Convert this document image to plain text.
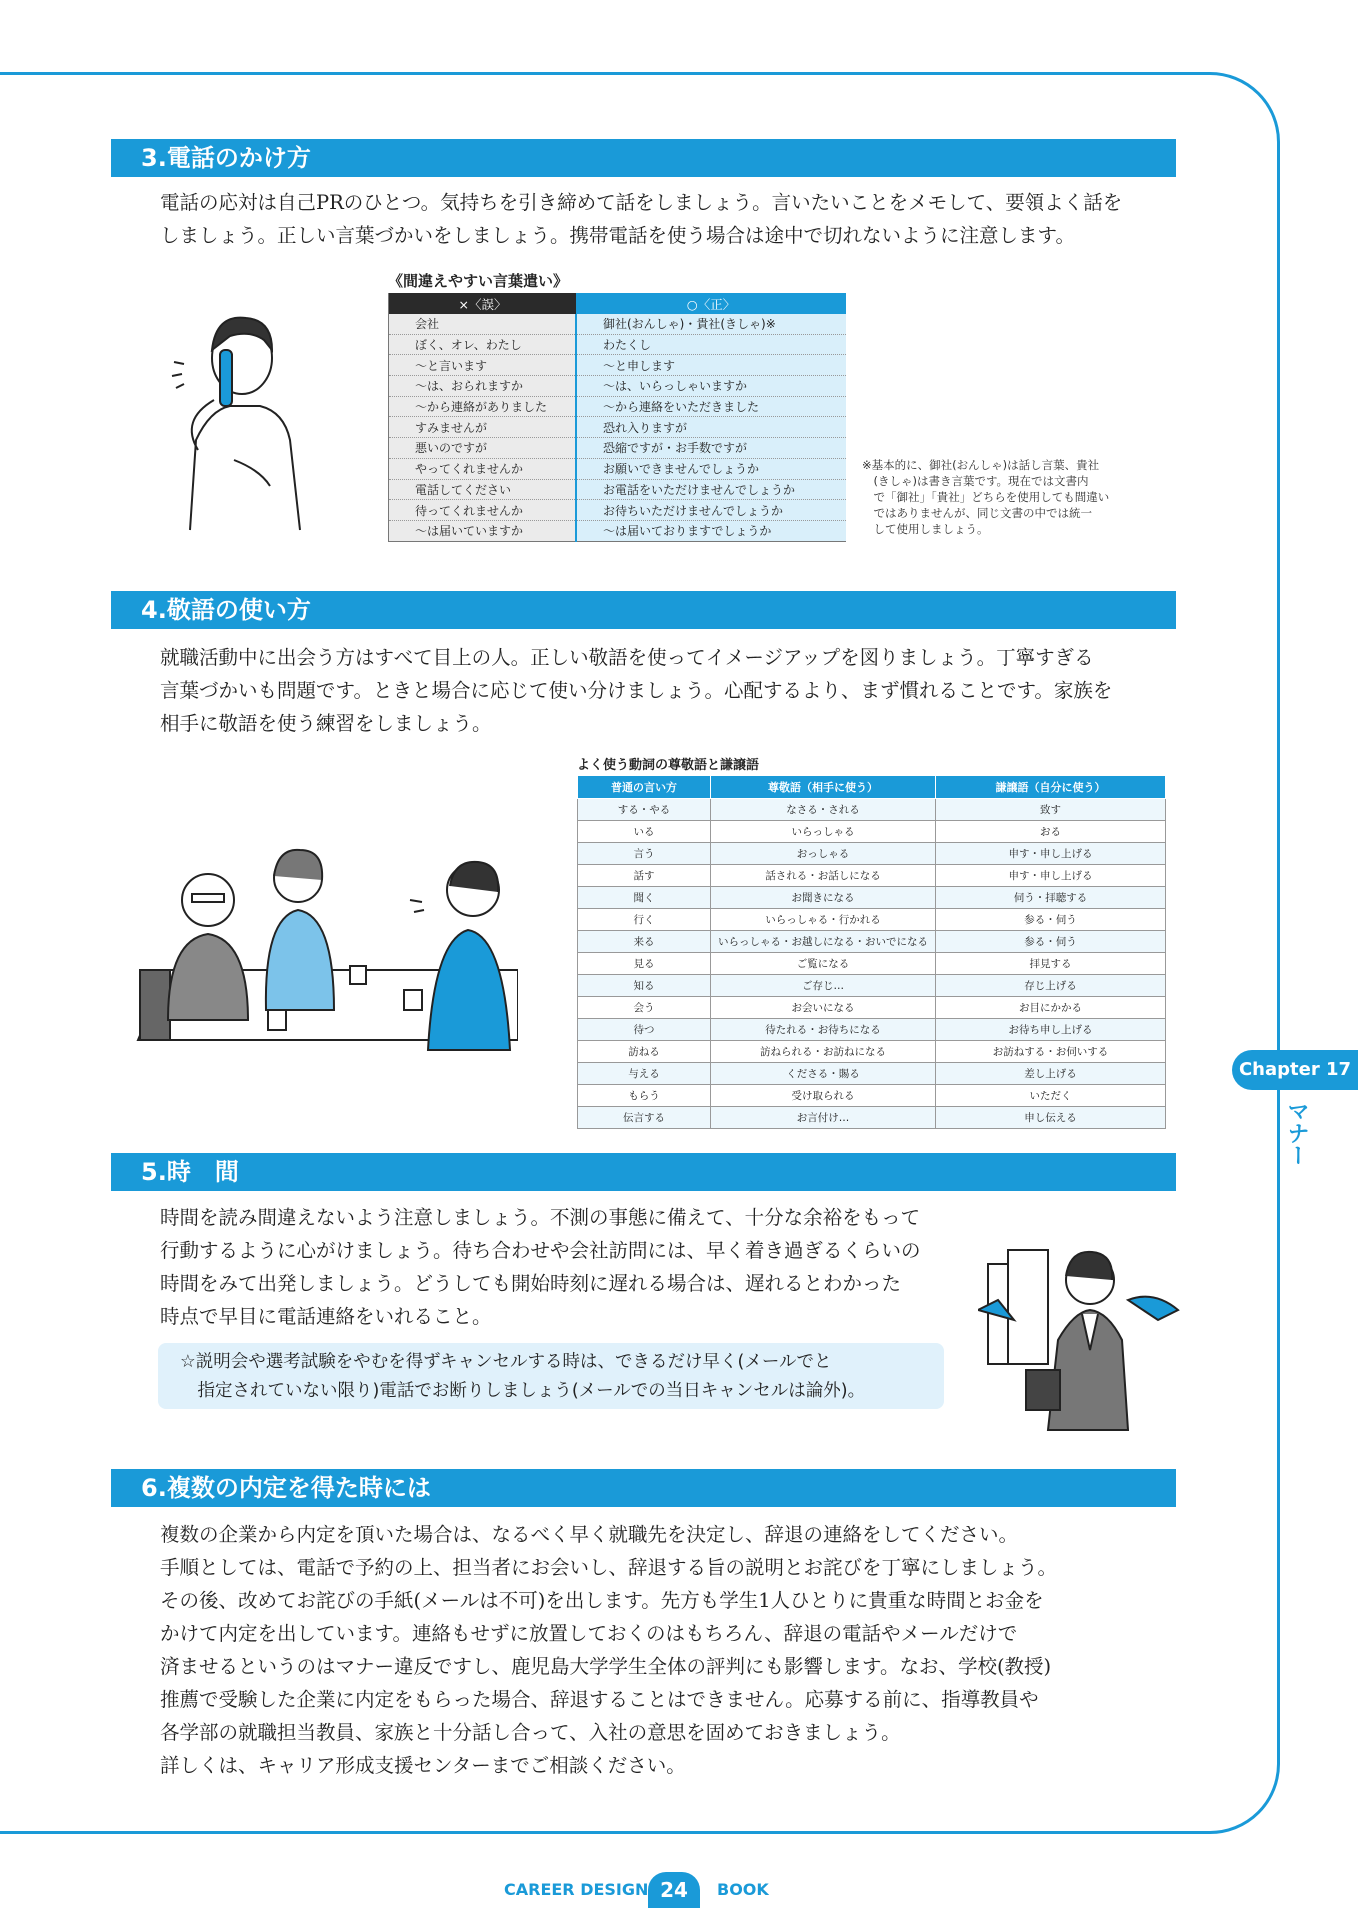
3.電話のかけ方

電話の応対は自己PRのひとつ。気持ちを引き締めて話をしましょう。言いたいことをメモして、要領よく話を

しましょう。正しい言葉づかいをしましょう。携帯電話を使う場合は途中で切れないように注意します。

《間違えやすい言葉遣い》
×〈誤〉	○〈正〉
会社	御社(おんしゃ)・貴社(きしゃ)※
ぼく、オレ、わたし	わたくし
〜と言います	〜と申します
〜は、おられますか	〜は、いらっしゃいますか
〜から連絡がありました	〜から連絡をいただきました
すみませんが	恐れ入りますが
悪いのですが	恐縮ですが・お手数ですが
やってくれませんか	お願いできませんでしょうか
電話してください	お電話をいただけませんでしょうか
待ってくれませんか	お待ちいただけませんでしょうか
〜は届いていますか	〜は届いておりますでしょうか
※基本的に、御社(おんしゃ)は話し言葉、貴社
　(きしゃ)は書き言葉です。現在では文書内
　で「御社」「貴社」どちらを使用しても間違い
　ではありませんが、同じ文書の中では統一
　して使用しましょう。
4.敬語の使い方

就職活動中に出会う方はすべて目上の人。正しい敬語を使ってイメージアップを図りましょう。丁寧すぎる

言葉づかいも問題です。ときと場合に応じて使い分けましょう。心配するより、まず慣れることです。家族を

相手に敬語を使う練習をしましょう。

よく使う動詞の尊敬語と謙譲語
普通の言い方	尊敬語（相手に使う）	謙譲語（自分に使う）
する・やる	なさる・される	致す
いる	いらっしゃる	おる
言う	おっしゃる	申す・申し上げる
話す	話される・お話しになる	申す・申し上げる
聞く	お聞きになる	伺う・拝聴する
行く	いらっしゃる・行かれる	参る・伺う
来る	いらっしゃる・お越しになる・おいでになる	参る・伺う
見る	ご覧になる	拝見する
知る	ご存じ…	存じ上げる
会う	お会いになる	お目にかかる
待つ	待たれる・お待ちになる	お待ち申し上げる
訪ねる	訪ねられる・お訪ねになる	お訪ねする・お伺いする
与える	くださる・賜る	差し上げる
もらう	受け取られる	いただく
伝言する	お言付け…	申し伝える
Chapter 17
マナー
5.時　間

時間を読み間違えないよう注意しましょう。不測の事態に備えて、十分な余裕をもって

行動するように心がけましょう。待ち合わせや会社訪問には、早く着き過ぎるくらいの

時間をみて出発しましょう。どうしても開始時刻に遅れる場合は、遅れるとわかった

時点で早目に電話連絡をいれること。

☆説明会や選考試験をやむを得ずキャンセルする時は、できるだけ早く(メールでと

　指定されていない限り)電話でお断りしましょう(メールでの当日キャンセルは論外)。

6.複数の内定を得た時には

複数の企業から内定を頂いた場合は、なるべく早く就職先を決定し、辞退の連絡をしてください。

手順としては、電話で予約の上、担当者にお会いし、辞退する旨の説明とお詫びを丁寧にしましょう。

その後、改めてお詫びの手紙(メールは不可)を出します。先方も学生1人ひとりに貴重な時間とお金を

かけて内定を出しています。連絡もせずに放置しておくのはもちろん、辞退の電話やメールだけで

済ませるというのはマナー違反ですし、鹿児島大学学生全体の評判にも影響します。なお、学校(教授)

推薦で受験した企業に内定をもらった場合、辞退することはできません。応募する前に、指導教員や

各学部の就職担当教員、家族と十分話し合って、入社の意思を固めておきましょう。

詳しくは、キャリア形成支援センターまでご相談ください。

CAREER DESIGN 24	BOOK
